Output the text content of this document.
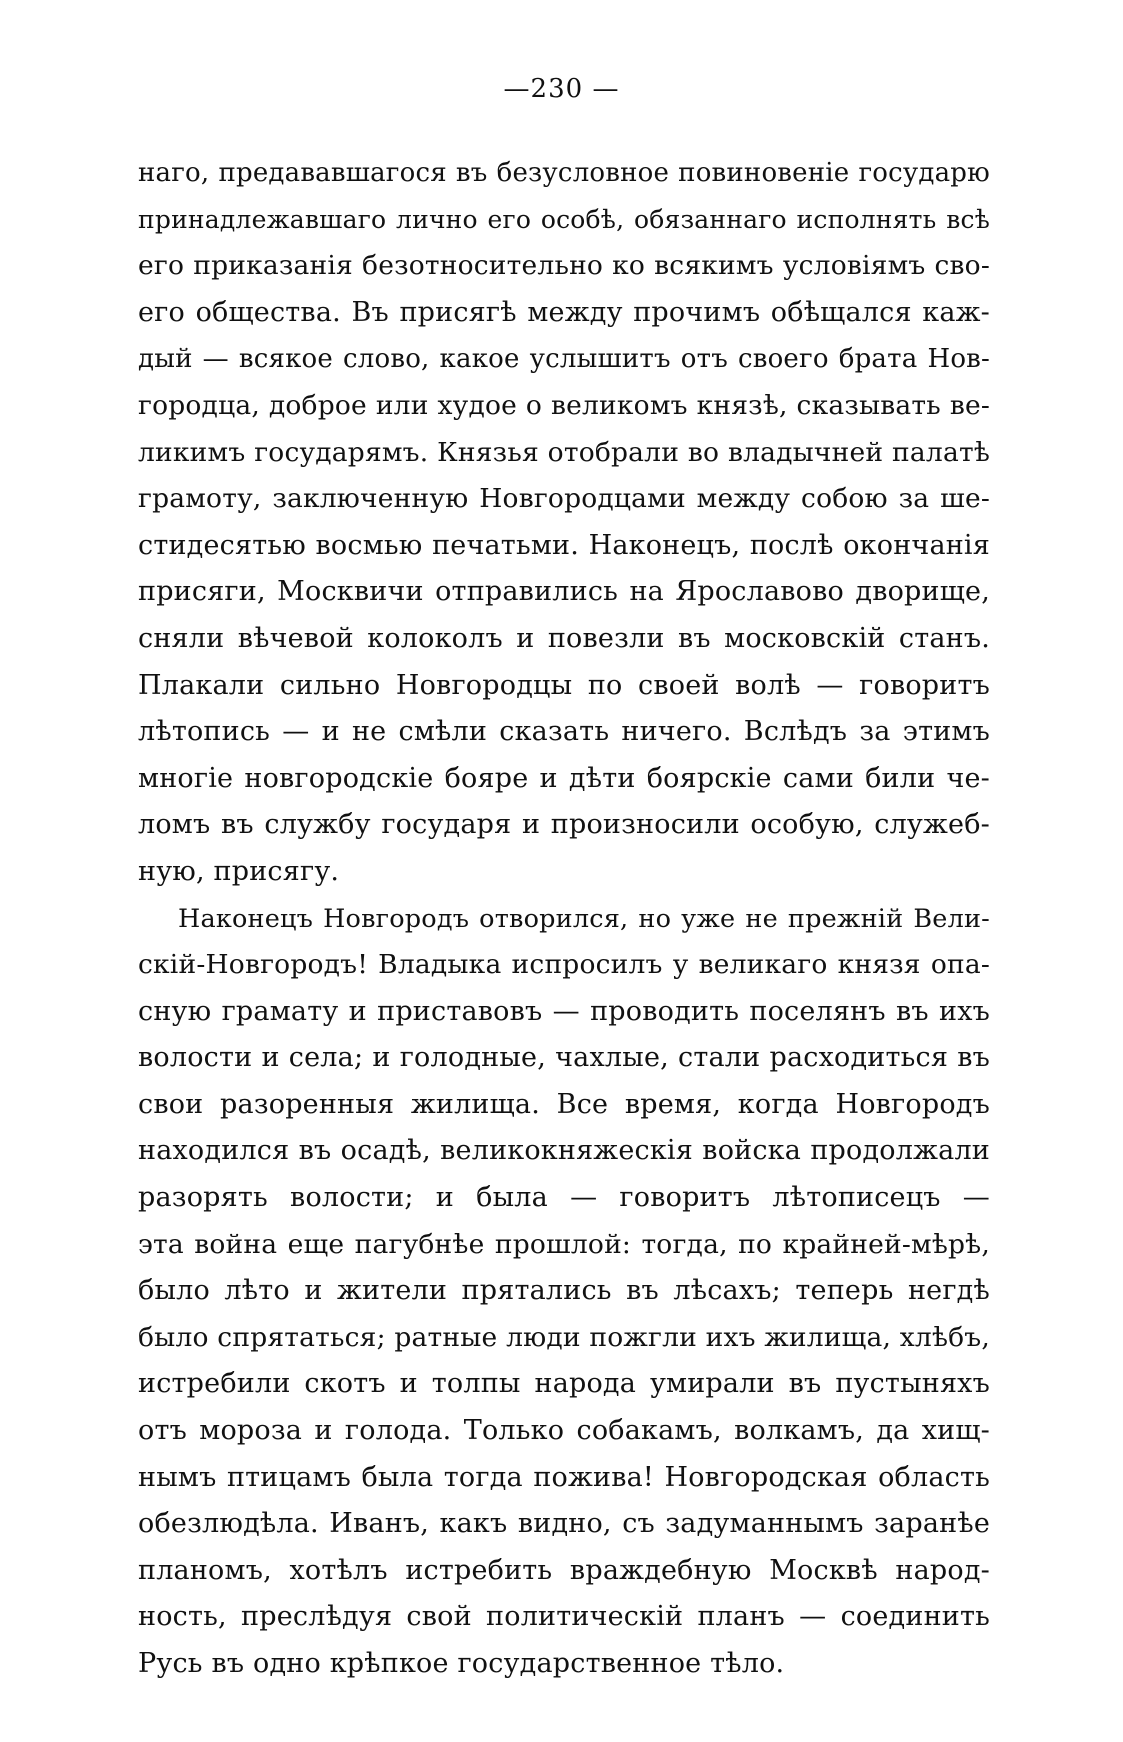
—230 —
наго, предававшагося въ безусловное повиновеніе государю
принадлежавшаго лично его особѣ, обязаннаго исполнять всѣ
его приказанія безотносительно ко всякимъ условіямъ сво-
его общества. Въ присягѣ между прочимъ обѣщался каж-
дый — всякое слово, какое услышитъ отъ своего брата Нов-
городца, доброе или худое о великомъ князѣ, сказывать ве-
ликимъ государямъ. Князья отобрали во владычней палатѣ
грамоту, заключенную Новгородцами между собою за ше-
стидесятью восмью печатьми. Наконецъ, послѣ окончанія
присяги, Москвичи отправились на Ярославово дворище,
сняли вѣчевой колоколъ и повезли въ московскій станъ.
Плакали сильно Новгородцы по своей волѣ — говоритъ
лѣтопись — и не смѣли сказать ничего. Вслѣдъ за этимъ
многіе новгородскіе бояре и дѣти боярскіе сами били че-
ломъ въ службу государя и произносили особую, служеб-
ную, присягу.
Наконецъ Новгородъ отворился, но уже не прежній Вели-
скій-Новгородъ! Владыка испросилъ у великаго князя опа-
сную грамату и приставовъ — проводить поселянъ въ ихъ
волости и села; и голодные, чахлые, стали расходиться въ
свои разоренныя жилища. Все время, когда Новгородъ
находился въ осадѣ, великокняжескія войска продолжали
разорять волости; и была — говоритъ лѣтописецъ —
эта война еще пагубнѣе прошлой: тогда, по крайней-мѣрѣ,
было лѣто и жители прятались въ лѣсахъ; теперь негдѣ
было спрятаться; ратные люди пожгли ихъ жилища, хлѣбъ,
истребили скотъ и толпы народа умирали въ пустыняхъ
отъ мороза и голода. Только собакамъ, волкамъ, да хищ-
нымъ птицамъ была тогда пожива! Новгородская область
обезлюдѣла. Иванъ, какъ видно, съ задуманнымъ заранѣе
планомъ, хотѣлъ истребить враждебную Москвѣ народ-
ность, преслѣдуя свой политическій планъ — соединить
Русь въ одно крѣпкое государственное тѣло.
